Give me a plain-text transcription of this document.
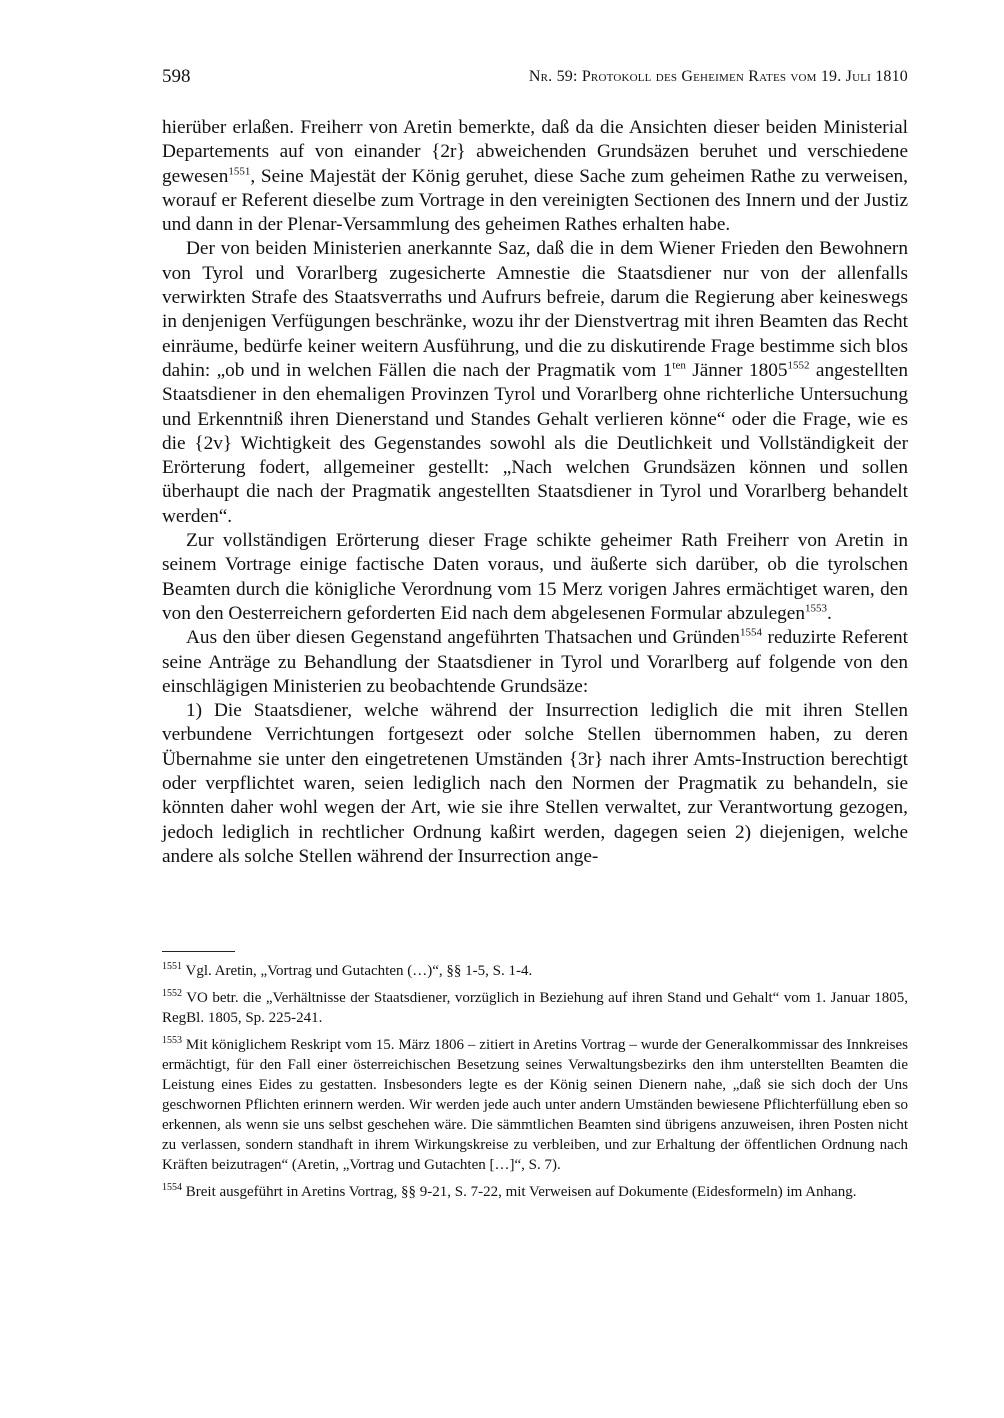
598	Nr. 59: Protokoll des Geheimen Rates vom 19. Juli 1810

hierüber erlaßen. Freiherr von Aretin bemerkte, daß da die Ansichten dieser beiden Ministerial Departements auf von einander {2r} abweichenden Grundsäzen beruhet und verschiedene gewesen$^{1551}$, Seine Majestät der König geruhet, diese Sache zum geheimen Rathe zu verweisen, worauf er Referent dieselbe zum Vortrage in den vereinigten Sectionen des Innern und der Justiz und dann in der Plenar-Versammlung des geheimen Rathes erhalten habe.

Der von beiden Ministerien anerkannte Saz, daß die in dem Wiener Frieden den Bewohnern von Tyrol und Vorarlberg zugesicherte Amnestie die Staatsdiener nur von der allenfalls verwirkten Strafe des Staatsverraths und Aufrurs befreie, darum die Regierung aber keineswegs in denjenigen Verfügungen beschränke, wozu ihr der Dienstvertrag mit ihren Beamten das Recht einräume, bedürfe keiner weitern Ausführung, und die zu diskutirende Frage bestimme sich blos dahin: „ob und in welchen Fällen die nach der Pragmatik vom $1^{ten}$ Jänner $1805^{1552}$ angestellten Staatsdiener in den ehemaligen Provinzen Tyrol und Vorarlberg ohne richterliche Untersuchung und Erkenntniß ihren Dienerstand und Standes Gehalt verlieren könne“ oder die Frage, wie es die {2v} Wichtigkeit des Gegenstandes sowohl als die Deutlichkeit und Vollständigkeit der Erörterung fodert, allgemeiner gestellt: „Nach welchen Grundsäzen können und sollen überhaupt die nach der Pragmatik angestellten Staatsdiener in Tyrol und Vorarlberg behandelt werden“.

Zur vollständigen Erörterung dieser Frage schikte geheimer Rath Freiherr von Aretin in seinem Vortrage einige factische Daten voraus, und äußerte sich darüber, ob die tyrolschen Beamten durch die königliche Verordnung vom 15 Merz vorigen Jahres ermächtiget waren, den von den Oesterreichern geforderten Eid nach dem abgelesenen Formular abzulegen$^{1553}$.

Aus den über diesen Gegenstand angeführten Thatsachen und Gründen$^{1554}$ reduzirte Referent seine Anträge zu Behandlung der Staatsdiener in Tyrol und Vorarlberg auf folgende von den einschlägigen Ministerien zu beobachtende Grundsäze:

1) Die Staatsdiener, welche während der Insurrection lediglich die mit ihren Stellen verbundene Verrichtungen fortgesezt oder solche Stellen übernommen haben, zu deren Übernahme sie unter den eingetretenen Umständen {3r} nach ihrer Amts-Instruction berechtigt oder verpflichtet waren, seien lediglich nach den Normen der Pragmatik zu behandeln, sie könnten daher wohl wegen der Art, wie sie ihre Stellen verwaltet, zur Verantwortung gezogen, jedoch lediglich in rechtlicher Ordnung kaßirt werden, dagegen seien 2) diejenigen, welche andere als solche Stellen während der Insurrection ange-

$^{1551}$ Vgl. Aretin, „Vortrag und Gutachten (…)“, §§ 1-5, S. 1-4.

$^{1552}$ VO betr. die „Verhältnisse der Staatsdiener, vorzüglich in Beziehung auf ihren Stand und Gehalt“ vom 1. Januar 1805, RegBl. 1805, Sp. 225-241.

$^{1553}$ Mit königlichem Reskript vom 15. März 1806 – zitiert in Aretins Vortrag – wurde der Generalkommissar des Innkreises ermächtigt, für den Fall einer österreichischen Besetzung seines Verwaltungsbezirks den ihm unterstellten Beamten die Leistung eines Eides zu gestatten. Insbesonders legte es der König seinen Dienern nahe, „daß sie sich doch der Uns geschwornen Pflichten erinnern werden. Wir werden jede auch unter andern Umständen bewiesene Pflichterfüllung eben so erkennen, als wenn sie uns selbst geschehen wäre. Die sämmtlichen Beamten sind übrigens anzuweisen, ihren Posten nicht zu verlassen, sondern standhaft in ihrem Wirkungskreise zu verbleiben, und zur Erhaltung der öffentlichen Ordnung nach Kräften beizutragen“ (Aretin, „Vortrag und Gutachten […]“, S. 7).

$^{1554}$ Breit ausgeführt in Aretins Vortrag, §§ 9-21, S. 7-22, mit Verweisen auf Dokumente (Eidesformeln) im Anhang.
